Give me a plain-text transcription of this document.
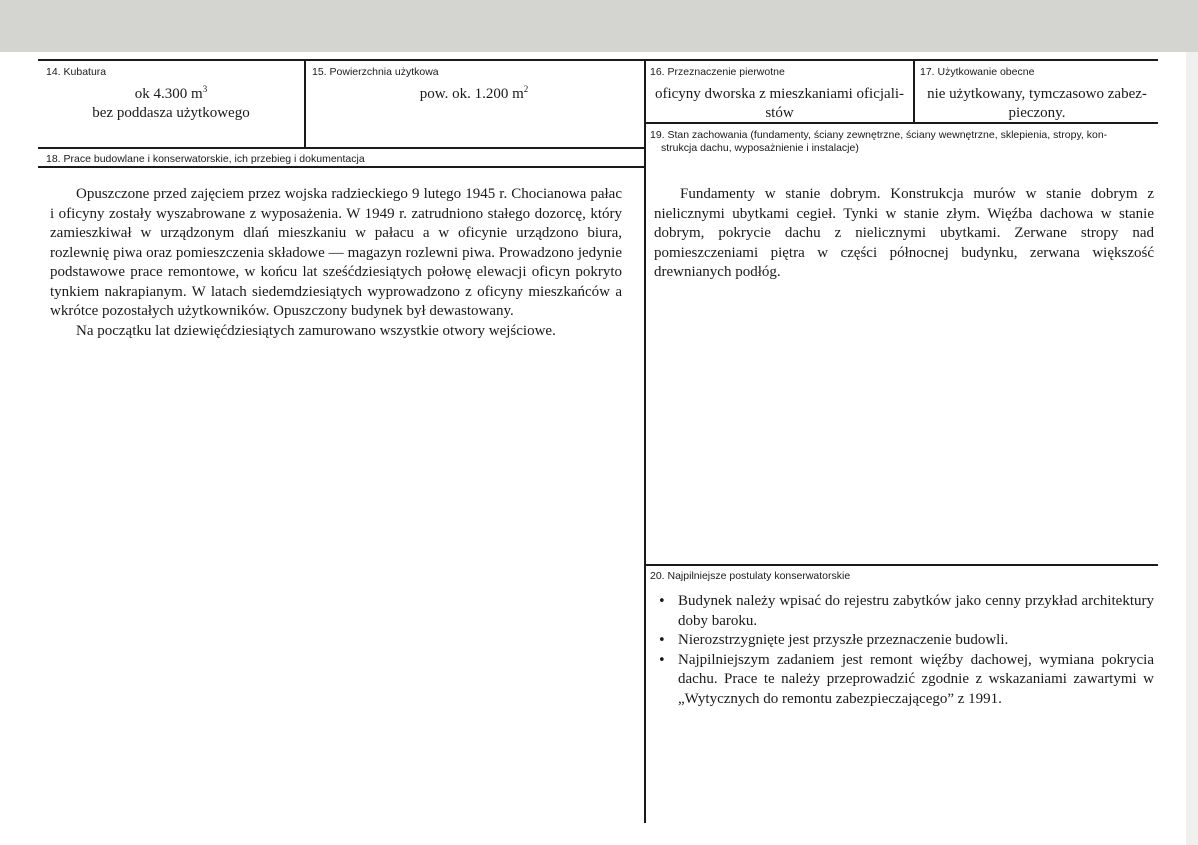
14. Kubatura
ok 4.300 $m^3$
bez poddasza użytkowego
15. Powierzchnia użytkowa
pow. ok. 1.200 $m^2$
16. Przeznaczenie pierwotne
oficyny dworska z mieszkaniami oficjali-
stów
17. Użytkowanie obecne
nie użytkowany, tymczasowo zabez-
pieczony.
18. Prace budowlane i konserwatorskie, ich przebieg i dokumentacja

Opuszczone przed zajęciem przez wojska radzieckiego 9 lutego 1945 r. Chocianowa pałac i oficyny zostały wyszabrowane z wyposażenia. W 1949 r. zatrudniono stałego dozorcę, który zamieszkiwał w urządzonym dlań mieszkaniu w pałacu a w oficynie urządzono biura, rozlewnię piwa oraz pomieszczenia składowe — magazyn rozlewni piwa. Prowadzono jedynie podstawowe prace remontowe, w końcu lat sześćdziesiątych połowę elewacji oficyn pokryto tynkiem nakrapianym. W latach siedemdziesiątych wyprowadzono z oficyny mieszkańców a wkrótce pozostałych użytkowników. Opuszczony budynek był dewastowany.

Na początku lat dziewięćdziesiątych zamurowano wszystkie otwory wejściowe.

19. Stan zachowania (fundamenty, ściany zewnętrzne, ściany wewnętrzne, sklepienia, stropy, kon-
strukcja dachu, wyposażnienie i instalacje)

Fundamenty w stanie dobrym. Konstrukcja murów w stanie dobrym z nielicznymi ubytkami cegieł. Tynki w stanie złym. Więźba dachowa w stanie dobrym, pokrycie dachu z nielicznymi ubytkami. Zerwane stropy nad pomieszczeniami piętra w części północnej budynku, zerwana większość drewnianych podłóg.

20. Najpilniejsze postulaty konserwatorskie
• Budynek należy wpisać do rejestru zabytków jako cenny przykład architektury doby baroku.
• Nierozstrzygnięte jest przyszłe przeznaczenie budowli.
• Najpilniejszym zadaniem jest remont więźby dachowej, wymiana pokrycia dachu. Prace te należy przeprowadzić zgodnie z wskazaniami zawartymi w „Wytycznych do remontu zabezpieczającego” z 1991.
